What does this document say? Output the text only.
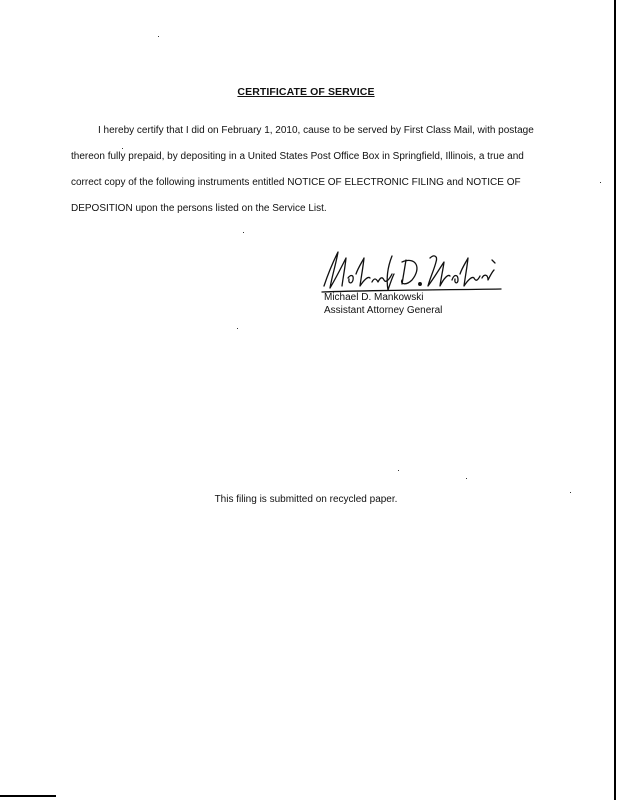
CERTIFICATE OF SERVICE

I hereby certify that I did on February 1, 2010, cause to be served by First Class Mail, with postage thereon fully prepaid, by depositing in a United States Post Office Box in Springfield, Illinois, a true and correct copy of the following instruments entitled NOTICE OF ELECTRONIC FILING and NOTICE OF DEPOSITION upon the persons listed on the Service List.

Michael D. Mankowski
Assistant Attorney General
This filing is submitted on recycled paper.
